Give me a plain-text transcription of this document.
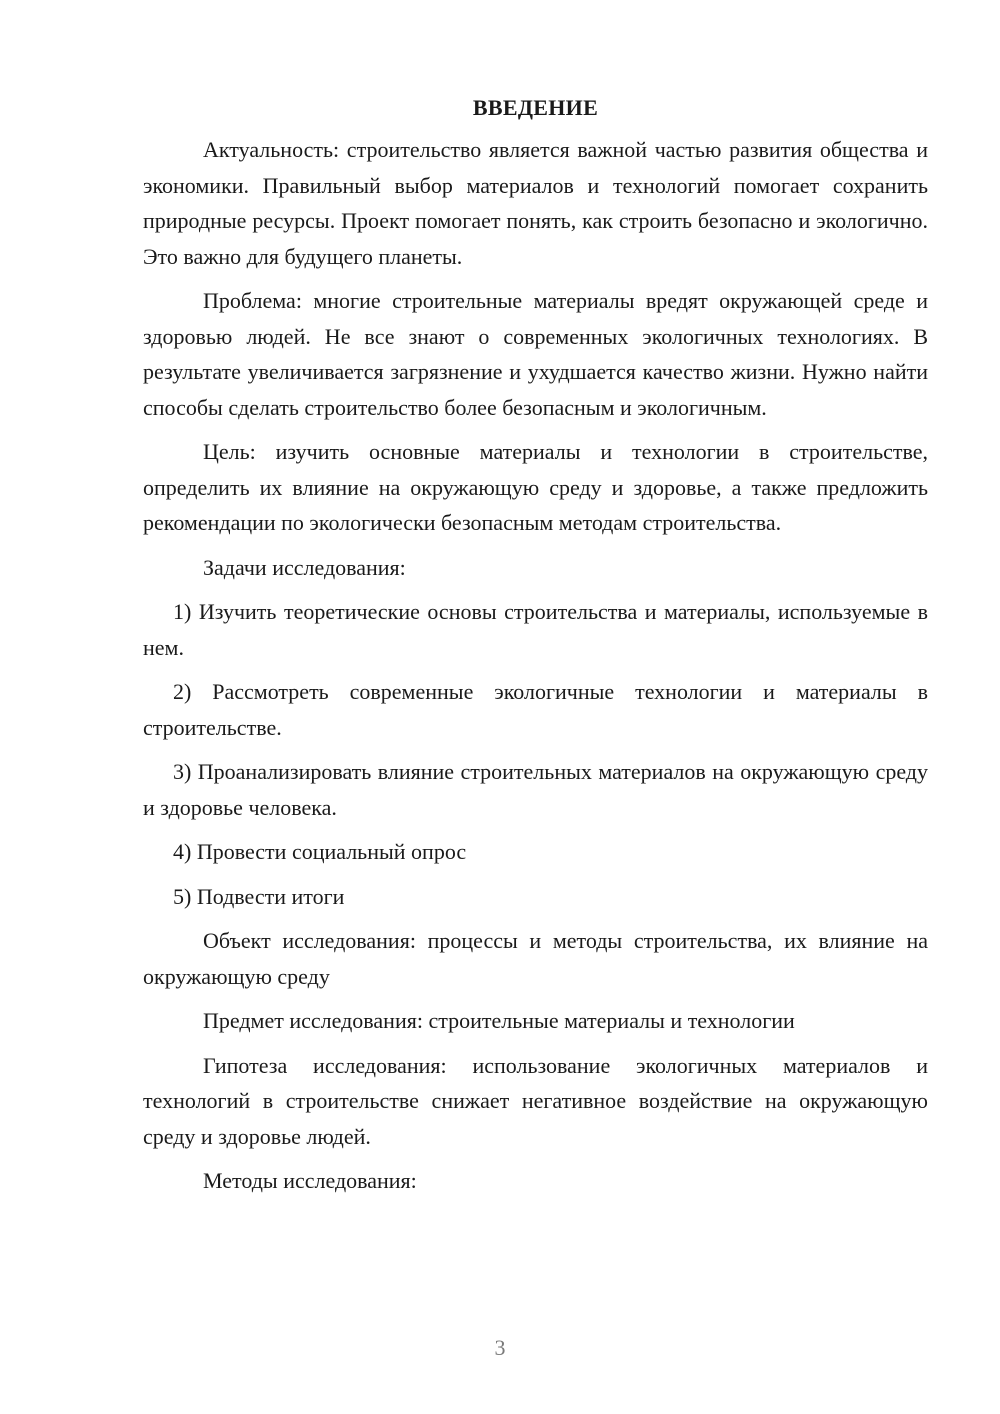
ВВЕДЕНИЕ

Актуальность: строительство является важной частью развития общества и экономики. Правильный выбор материалов и технологий помогает сохранить природные ресурсы. Проект помогает понять, как строить безопасно и экологично. Это важно для будущего планеты.

Проблема: многие строительные материалы вредят окружающей среде и здоровью людей. Не все знают о современных экологичных технологиях. В результате увеличивается загрязнение и ухудшается качество жизни. Нужно найти способы сделать строительство более безопасным и экологичным.

Цель: изучить основные материалы и технологии в строительстве, определить их влияние на окружающую среду и здоровье, а также предложить рекомендации по экологически безопасным методам строительства.

Задачи исследования:

1) Изучить теоретические основы строительства и материалы, используемые в нем.

2) Рассмотреть современные экологичные технологии и материалы в строительстве.

3) Проанализировать влияние строительных материалов на окружающую среду и здоровье человека.

4) Провести социальный опрос

5) Подвести итоги

Объект исследования: процессы и методы строительства, их влияние на окружающую среду

Предмет исследования: строительные материалы и технологии

Гипотеза исследования: использование экологичных материалов и технологий в строительстве снижает негативное воздействие на окружающую среду и здоровье людей.

Методы исследования:

3
